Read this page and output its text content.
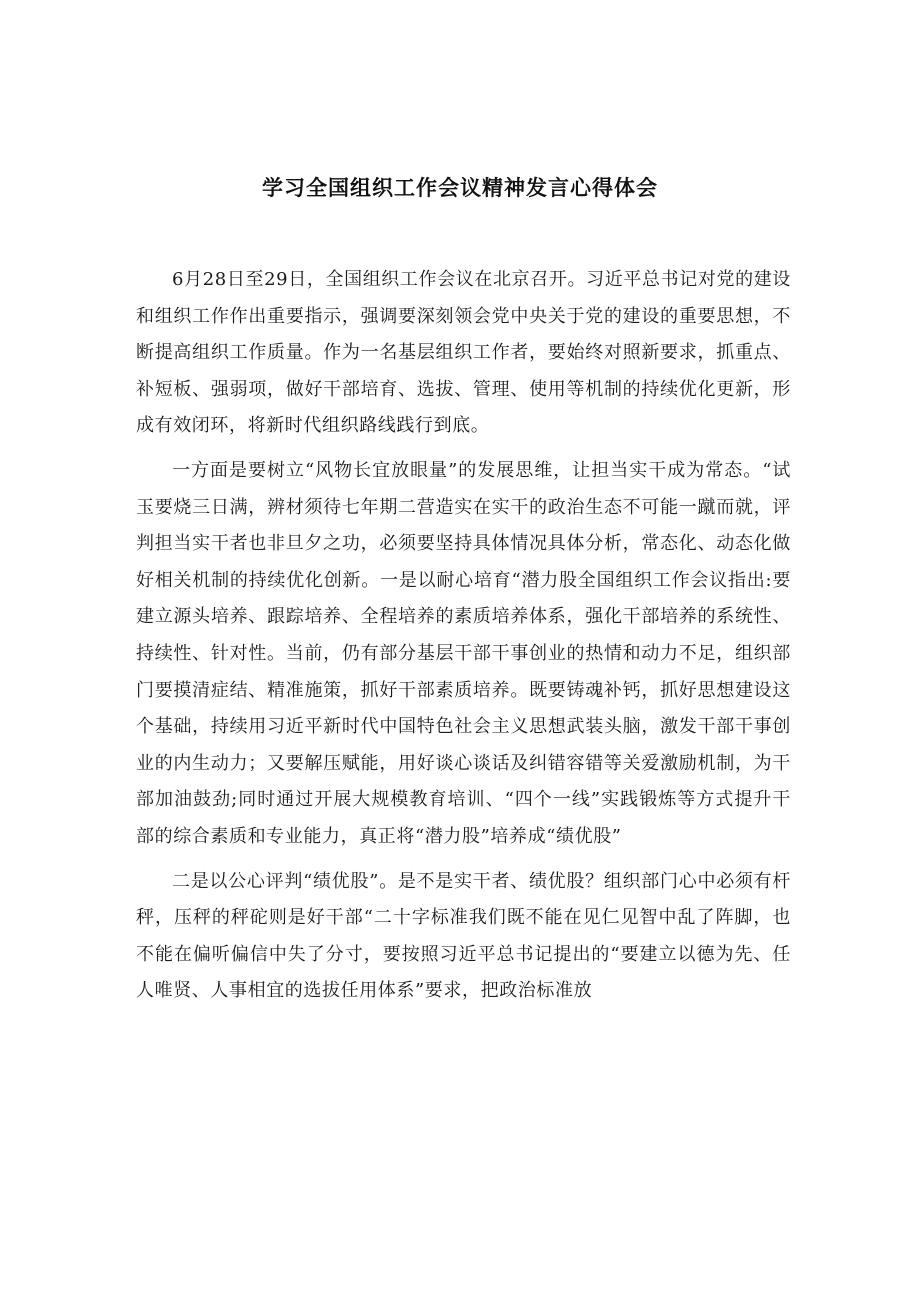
学习全国组织工作会议精神发言心得体会

6月28日至29日，全国组织工作会议在北京召开。习近平总书记对党的建设和组织工作作出重要指示，强调要深刻领会党中央关于党的建设的重要思想，不断提高组织工作质量。作为一名基层组织工作者，要始终对照新要求，抓重点、补短板、强弱项，做好干部培育、选拔、管理、使用等机制的持续优化更新，形成有效闭环，将新时代组织路线践行到底。

一方面是要树立“风物长宜放眼量”的发展思维，让担当实干成为常态。“试玉要烧三日满，辨材须待七年期二营造实在实干的政治生态不可能一蹴而就，评判担当实干者也非旦夕之功，必须要坚持具体情况具体分析，常态化、动态化做好相关机制的持续优化创新。一是以耐心培育“潜力股全国组织工作会议指出:要建立源头培养、跟踪培养、全程培养的素质培养体系，强化干部培养的系统性、持续性、针对性。当前，仍有部分基层干部干事创业的热情和动力不足，组织部门要摸清症结、精准施策，抓好干部素质培养。既要铸魂补钙，抓好思想建设这个基础，持续用习近平新时代中国特色社会主义思想武装头脑，激发干部干事创业的内生动力；又要解压赋能，用好谈心谈话及纠错容错等关爱激励机制，为干部加油鼓劲;同时通过开展大规模教育培训、“四个一线”实践锻炼等方式提升干部的综合素质和专业能力，真正将“潜力股”培养成“绩优股”

二是以公心评判“绩优股”。是不是实干者、绩优股？组织部门心中必须有杆秤，压秤的秤砣则是好干部“二十字标准我们既不能在见仁见智中乱了阵脚，也不能在偏听偏信中失了分寸，要按照习近平总书记提出的“要建立以德为先、任人唯贤、人事相宜的选拔任用体系”要求，把政治标准放
